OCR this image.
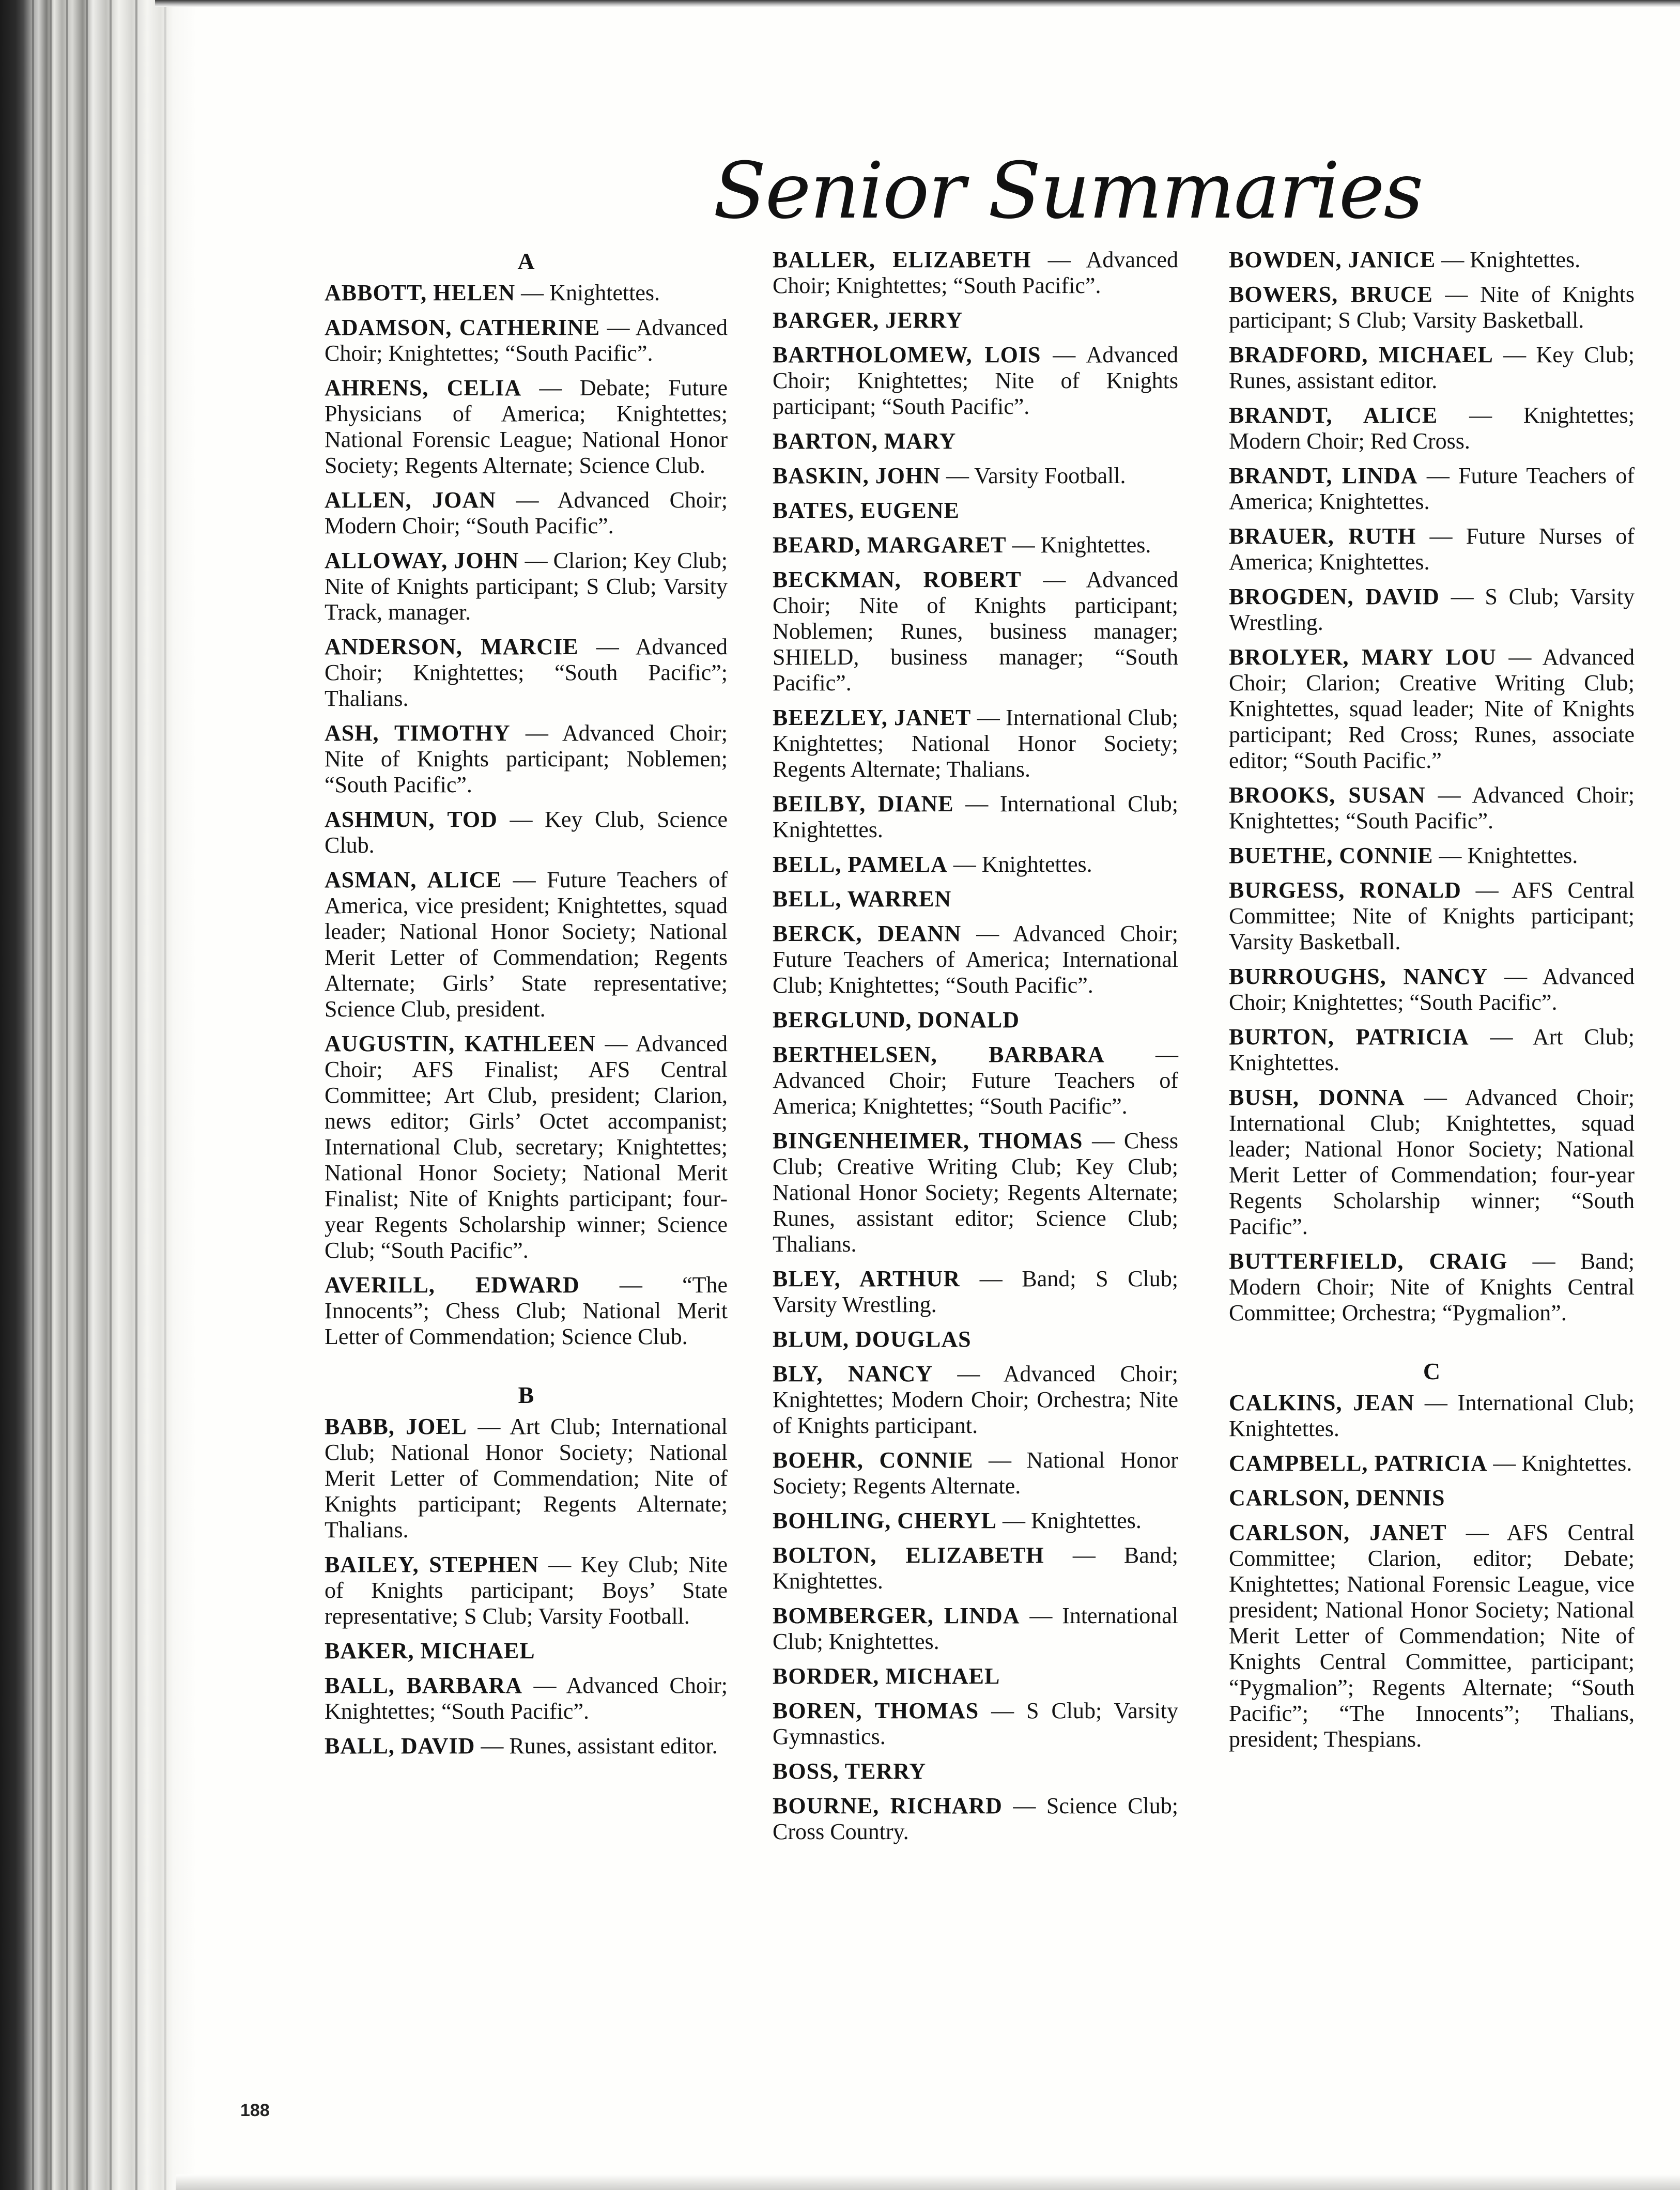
Senior Summaries
A
ABBOTT, HELEN — Knightettes.
ADAMSON, CATHERINE — Advanced Choir; Knightettes; “South Pacific”.
AHRENS, CELIA — Debate; Future Physicians of America; Knightettes; National Forensic League; National Honor Society; Regents Alternate; Science Club.
ALLEN, JOAN — Advanced Choir; Modern Choir; “South Pacific”.
ALLOWAY, JOHN — Clarion; Key Club; Nite of Knights participant; S Club; Varsity Track, manager.
ANDERSON, MARCIE — Advanced Choir; Knightettes; “South Pacific”; Thalians.
ASH, TIMOTHY — Advanced Choir; Nite of Knights participant; Noblemen; “South Pacific”.
ASHMUN, TOD — Key Club, Science Club.
ASMAN, ALICE — Future Teachers of America, vice president; Knightettes, squad leader; National Honor Society; National Merit Letter of Commendation; Regents Alternate; Girls’ State representative; Science Club, president.
AUGUSTIN, KATHLEEN — Advanced Choir; AFS Finalist; AFS Central Committee; Art Club, president; Clarion, news editor; Girls’ Octet accompanist; International Club, secretary; Knightettes; National Honor Society; National Merit Finalist; Nite of Knights participant; four-year Regents Scholarship winner; Science Club; “South Pacific”.
AVERILL, EDWARD — “The Innocents”; Chess Club; National Merit Letter of Commendation; Science Club.
B
BABB, JOEL — Art Club; International Club; National Honor Society; National Merit Letter of Commendation; Nite of Knights participant; Regents Alternate; Thalians.
BAILEY, STEPHEN — Key Club; Nite of Knights participant; Boys’ State representative; S Club; Varsity Football.
BAKER, MICHAEL
BALL, BARBARA — Advanced Choir; Knightettes; “South Pacific”.
BALL, DAVID — Runes, assistant editor.
BALLER, ELIZABETH — Advanced Choir; Knightettes; “South Pacific”.
BARGER, JERRY
BARTHOLOMEW, LOIS — Advanced Choir; Knightettes; Nite of Knights participant; “South Pacific”.
BARTON, MARY
BASKIN, JOHN — Varsity Football.
BATES, EUGENE
BEARD, MARGARET — Knightettes.
BECKMAN, ROBERT — Advanced Choir; Nite of Knights participant; Noblemen; Runes, business manager; SHIELD, business manager; “South Pacific”.
BEEZLEY, JANET — International Club; Knightettes; National Honor Society; Regents Alternate; Thalians.
BEILBY, DIANE — International Club; Knightettes.
BELL, PAMELA — Knightettes.
BELL, WARREN
BERCK, DEANN — Advanced Choir; Future Teachers of America; International Club; Knightettes; “South Pacific”.
BERGLUND, DONALD
BERTHELSEN, BARBARA — Advanced Choir; Future Teachers of America; Knightettes; “South Pacific”.
BINGENHEIMER, THOMAS — Chess Club; Creative Writing Club; Key Club; National Honor Society; Regents Alternate; Runes, assistant editor; Science Club; Thalians.
BLEY, ARTHUR — Band; S Club; Varsity Wrestling.
BLUM, DOUGLAS
BLY, NANCY — Advanced Choir; Knightettes; Modern Choir; Orchestra; Nite of Knights participant.
BOEHR, CONNIE — National Honor Society; Regents Alternate.
BOHLING, CHERYL — Knightettes.
BOLTON, ELIZABETH — Band; Knightettes.
BOMBERGER, LINDA — International Club; Knightettes.
BORDER, MICHAEL
BOREN, THOMAS — S Club; Varsity Gymnastics.
BOSS, TERRY
BOURNE, RICHARD — Science Club; Cross Country.
BOWDEN, JANICE — Knightettes.
BOWERS, BRUCE — Nite of Knights participant; S Club; Varsity Basketball.
BRADFORD, MICHAEL — Key Club; Runes, assistant editor.
BRANDT, ALICE — Knightettes; Modern Choir; Red Cross.
BRANDT, LINDA — Future Teachers of America; Knightettes.
BRAUER, RUTH — Future Nurses of America; Knightettes.
BROGDEN, DAVID — S Club; Varsity Wrestling.
BROLYER, MARY LOU — Advanced Choir; Clarion; Creative Writing Club; Knightettes, squad leader; Nite of Knights participant; Red Cross; Runes, associate editor; “South Pacific.”
BROOKS, SUSAN — Advanced Choir; Knightettes; “South Pacific”.
BUETHE, CONNIE — Knightettes.
BURGESS, RONALD — AFS Central Committee; Nite of Knights participant; Varsity Basketball.
BURROUGHS, NANCY — Advanced Choir; Knightettes; “South Pacific”.
BURTON, PATRICIA — Art Club; Knightettes.
BUSH, DONNA — Advanced Choir; International Club; Knightettes, squad leader; National Honor Society; National Merit Letter of Commendation; four-year Regents Scholarship winner; “South Pacific”.
BUTTERFIELD, CRAIG — Band; Modern Choir; Nite of Knights Central Committee; Orchestra; “Pygmalion”.
C
CALKINS, JEAN — International Club; Knightettes.
CAMPBELL, PATRICIA — Knightettes.
CARLSON, DENNIS
CARLSON, JANET — AFS Central Committee; Clarion, editor; Debate; Knightettes; National Forensic League, vice president; National Honor Society; National Merit Letter of Commendation; Nite of Knights Central Committee, participant; “Pygmalion”; Regents Alternate; “South Pacific”; “The Innocents”; Thalians, president; Thespians.
188
